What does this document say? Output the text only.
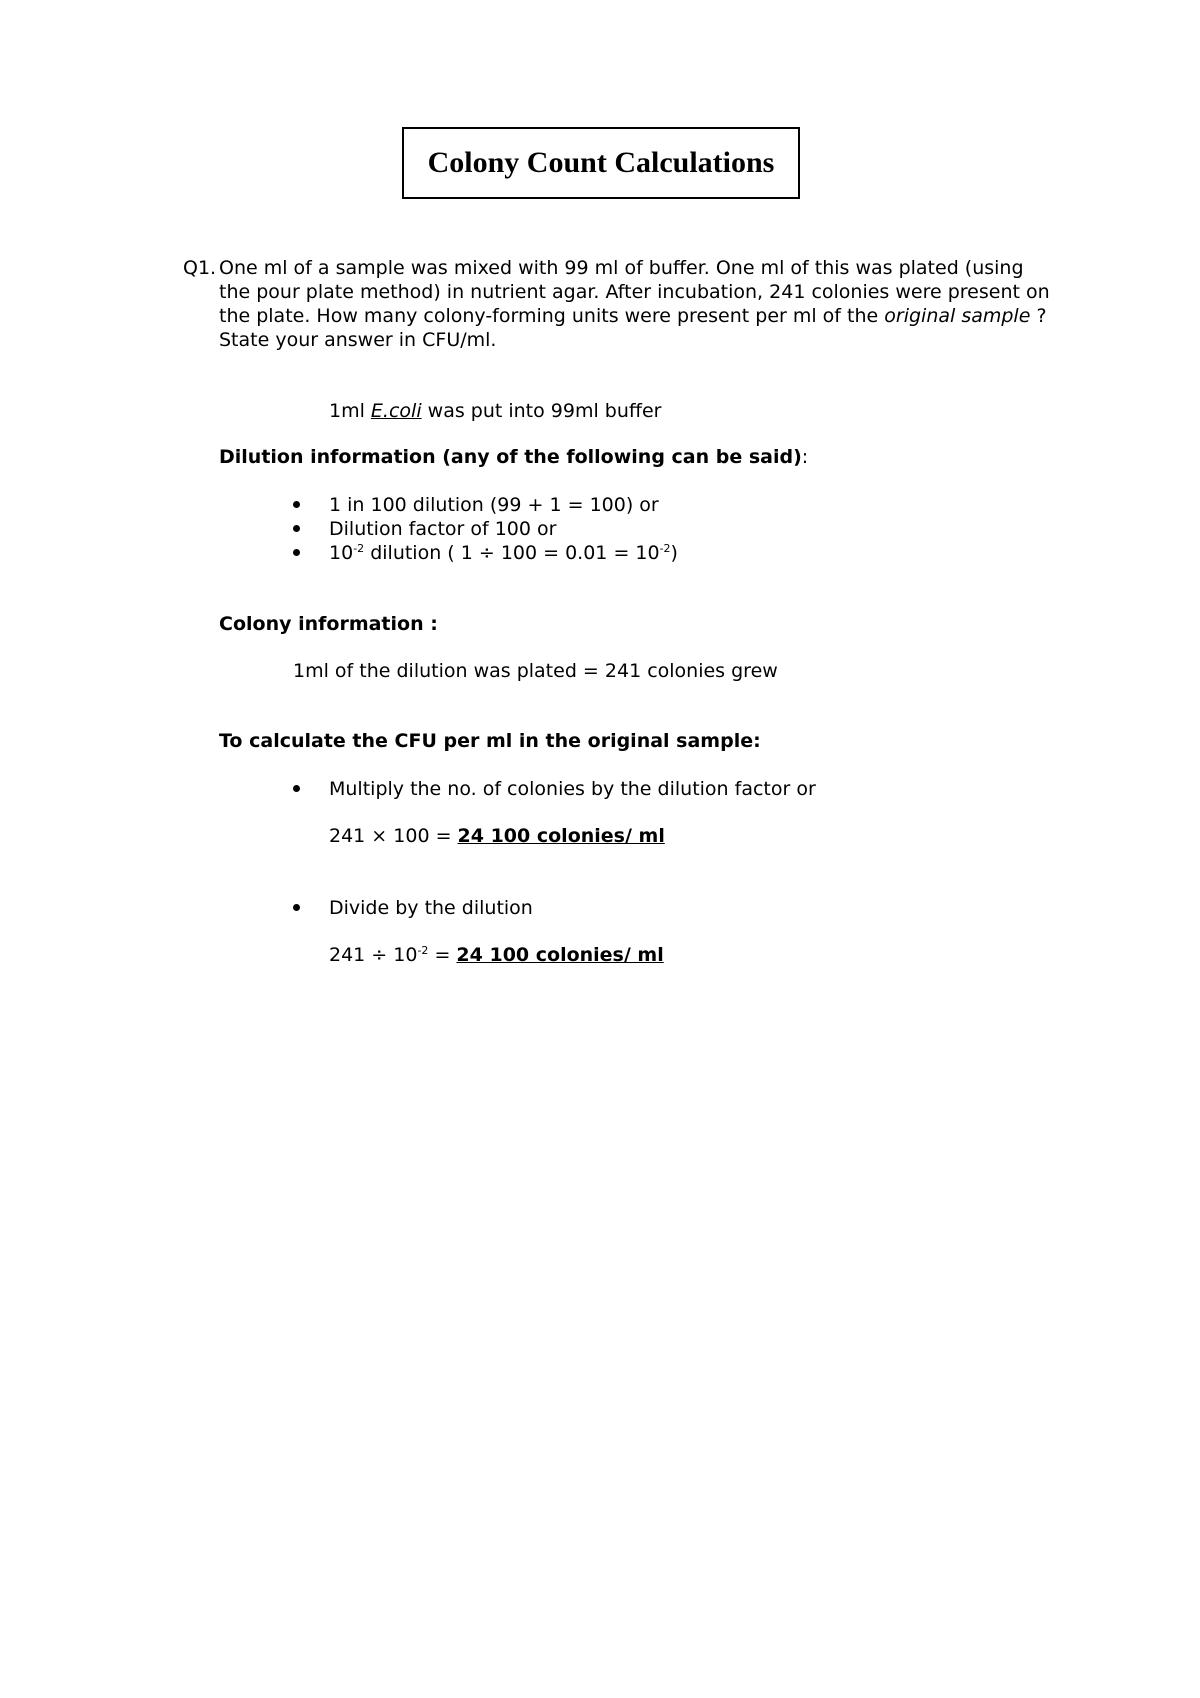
Colony Count Calculations
Q1. One ml of a sample was mixed with 99 ml of buffer. One ml of this was plated (using
the pour plate method) in nutrient agar. After incubation, 241 colonies were present on
the plate. How many colony-forming units were present per ml of the original sample ?
State your answer in CFU/ml.
1ml E.coli was put into 99ml buffer
Dilution information (any of the following can be said):
1 in 100 dilution (99 + 1 = 100) or
Dilution factor of 100 or
$10^{-2}$ dilution ( $1 \div 100 = 0.01 = 10^{-2}$)
Colony information :
1ml of the dilution was plated = 241 colonies grew
To calculate the CFU per ml in the original sample:
Multiply the no. of colonies by the dilution factor or
241 × 100 = 24 100 colonies/ ml
Divide by the dilution
$241 \div 10^{-2} = 24$ 100 colonies/ ml
